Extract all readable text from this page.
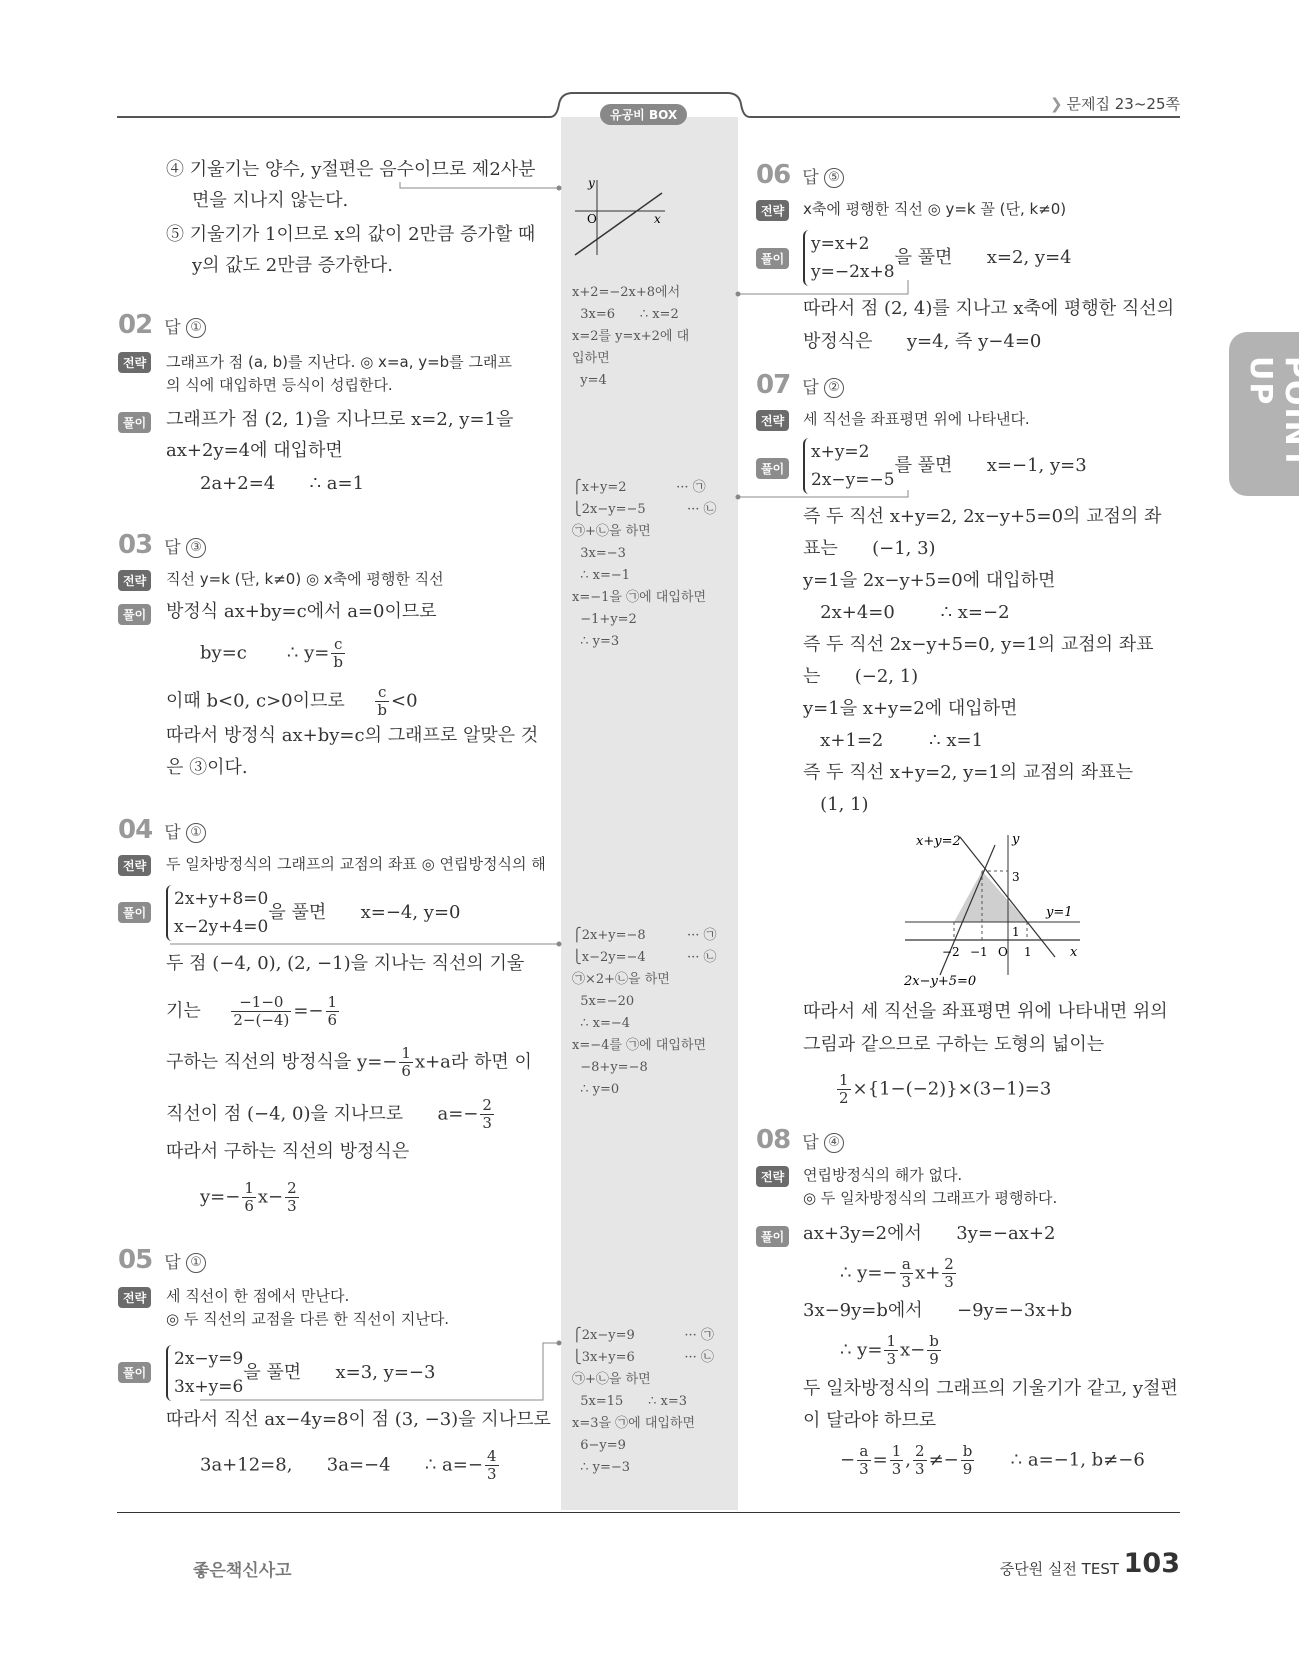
유공비 BOX
❯ 문제집 23~25쪽
POINT UP
④ 기울기는 양수, y절편은 음수이므로 제2사분
면을 지나지 않는다.
⑤ 기울기가 1이므로 x의 값이 2만큼 증가할 때
y의 값도 2만큼 증가한다.
y
x
O
02 답 ①
전략	그래프가 점 (a, b)를 지난다. ◎ x=a, y=b를 그래프
의 식에 대입하면 등식이 성립한다.
풀이 그래프가 점 (2, 1)을 지나므로 x=2, y=1을
ax+2y=4에 대입하면
2a+2=4      ∴ a=1
x+2=−2x+8에서
3x=6      ∴ x=2
x=2를 y=x+2에 대
입하면
y=4
03 답 ③
전략	직선 y=k (단, k≠0) ◎ x축에 평행한 직선
풀이 방정식 ax+by=c에서 a=0이므로
by=c       ∴ $y= \frac{c}{b}$
이때 b<0, c>0이므로 $\frac{c}{b} <0$
따라서 방정식 ax+by=c의 그래프로 알맞은 것
은 ③이다.
⎧x+y=2            ··· ㉠
⎩2x−y=−5          ··· ㉡
㉠+㉡을 하면
3x=−3
∴ x=−1
x=−1을 ㉠에 대입하면
−1+y=2
∴ y=3
04 답 ①
전략	두 일차방정식의 그래프의 교점의 좌표 ◎ 연립방정식의 해
풀이
2x+y+8=0
x−2y+4=0을 풀면      x=−4, y=0
두 점 (−4, 0), (2, −1)을 지나는 직선의 기울
기는 $\frac{-1-0}{2-(-4)} =- \frac{1}{6}$
구하는 직선의 방정식을 $y=- \frac{1}{6} x+a$라 하면 이
직선이 점 (−4, 0)을 지나므로      $a=- \frac{2}{3}$
따라서 구하는 직선의 방정식은
$y=- \frac{1}{6} x- \frac{2}{3}$
⎧2x+y=−8          ··· ㉠
⎩x−2y=−4          ··· ㉡
㉠×2+㉡을 하면
5x=−20
∴ x=−4
x=−4를 ㉠에 대입하면
−8+y=−8
∴ y=0
05 답 ①
전략	세 직선이 한 점에서 만난다.
◎ 두 직선의 교점을 다른 한 직선이 지난다.
풀이
2x−y=9
3x+y=6을 풀면      x=3, y=−3
따라서 직선 ax−4y=8이 점 (3, −3)을 지나므로
3a+12=8,      3a=−4      ∴ $a=- \frac{4}{3}$
⎧2x−y=9            ··· ㉠
⎩3x+y=6            ··· ㉡
㉠+㉡을 하면
5x=15      ∴ x=3
x=3을 ㉠에 대입하면
6−y=9
∴ y=−3
06 답 ⑤
전략	x축에 평행한 직선 ◎ y=k 꼴 (단, k≠0)
풀이
y=x+2
y=−2x+8을 풀면      x=2, y=4
따라서 점 (2, 4)를 지나고 x축에 평행한 직선의
방정식은      y=4, 즉 y−4=0
07 답 ②
전략	세 직선을 좌표평면 위에 나타낸다.
풀이
x+y=2
2x−y=−5를 풀면      x=−1, y=3
즉 두 직선 x+y=2, 2x−y+5=0의 교점의 좌
표는      (−1, 3)
y=1을 2x−y+5=0에 대입하면
2x+4=0        ∴ x=−2
즉 두 직선 2x−y+5=0, y=1의 교점의 좌표
는      (−2, 1)
y=1을 x+y=2에 대입하면
x+1=2        ∴ x=1
즉 두 직선 x+y=2, y=1의 교점의 좌표는
(1, 1)
x+y=2	y
3
y=1
1
−2 −1 O 1	x
2x−y+5=0
따라서 세 직선을 좌표평면 위에 나타내면 위의
그림과 같으므로 구하는 도형의 넓이는
$\frac{1}{2} \times\{1-(-2)\}\times(3-1)=3$
08 답 ④
전략	연립방정식의 해가 없다.
◎ 두 일차방정식의 그래프가 평행하다.
풀이 ax+3y=2에서      3y=−ax+2
∴ $y=- \frac{a}{3} x+ \frac{2}{3}$
3x−9y=b에서      −9y=−3x+b
∴ $y= \frac{1}{3} x- \frac{b}{9}$
두 일차방정식의 그래프의 기울기가 같고, y절편
이 달라야 하므로
− $\frac{a}{3} = \frac{1}{3}$ , $\frac{2}{3} \ne- \frac{b}{9}$ ∴ a=−1, b≠−6
좋은책신사고	중단원 실전 TEST 103
